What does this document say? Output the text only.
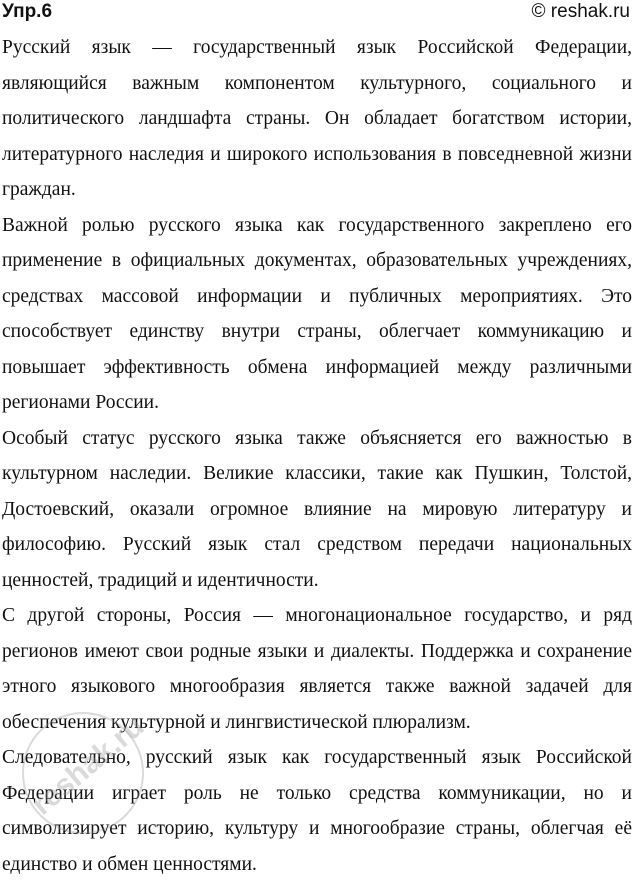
Упр.6	© reshak.ru

Русский язык — государственный язык Российской Федерации, являющийся важным компонентом культурного, социального и политического ландшафта страны. Он обладает богатством истории, литературного наследия и широкого использования в повседневной жизни граждан.

Важной ролью русского языка как государственного закреплено его применение в официальных документах, образовательных учреждениях, средствах массовой информации и публичных мероприятиях. Это способствует единству внутри страны, облегчает коммуникацию и повышает эффективность обмена информацией между различными регионами России.

Особый статус русского языка также объясняется его важностью в культурном наследии. Великие классики, такие как Пушкин, Толстой, Достоевский, оказали огромное влияние на мировую литературу и философию. Русский язык стал средством передачи национальных ценностей, традиций и идентичности.

С другой стороны, Россия — многонациональное государство, и ряд регионов имеют свои родные языки и диалекты. Поддержка и сохранение этного языкового многообразия является также важной задачей для обеспечения культурной и лингвистической плюрализм.

Следовательно, русский язык как государственный язык Российской Федерации играет роль не только средства коммуникации, но и символизирует историю, культуру и многообразие страны, облегчая её единство и обмен ценностями.

reshak.ru
